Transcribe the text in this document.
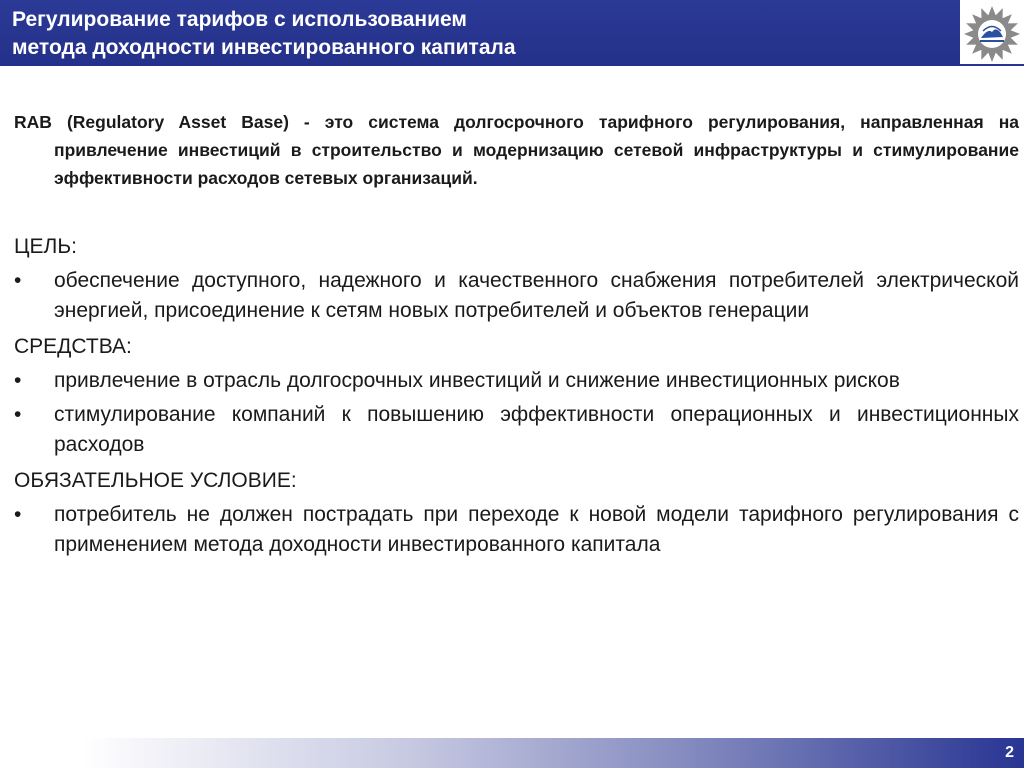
Регулирование тарифов с использованием
метода доходности инвестированного капитала
RAB (Regulatory Asset Base) - это система долгосрочного тарифного регулирования, направленная на привлечение инвестиций в строительство и модернизацию сетевой инфраструктуры и стимулирование эффективности расходов сетевых организаций.
ЦЕЛЬ:
• обеспечение доступного, надежного и качественного снабжения потребителей электрической энергией, присоединение к сетям новых потребителей и объектов генерации
СРЕДСТВА:
• привлечение в отрасль долгосрочных инвестиций и снижение инвестиционных рисков
• стимулирование компаний к повышению эффективности операционных и инвестиционных расходов
ОБЯЗАТЕЛЬНОЕ УСЛОВИЕ:
• потребитель не должен пострадать при переходе к новой модели тарифного регулирования с применением метода доходности инвестированного капитала
2
